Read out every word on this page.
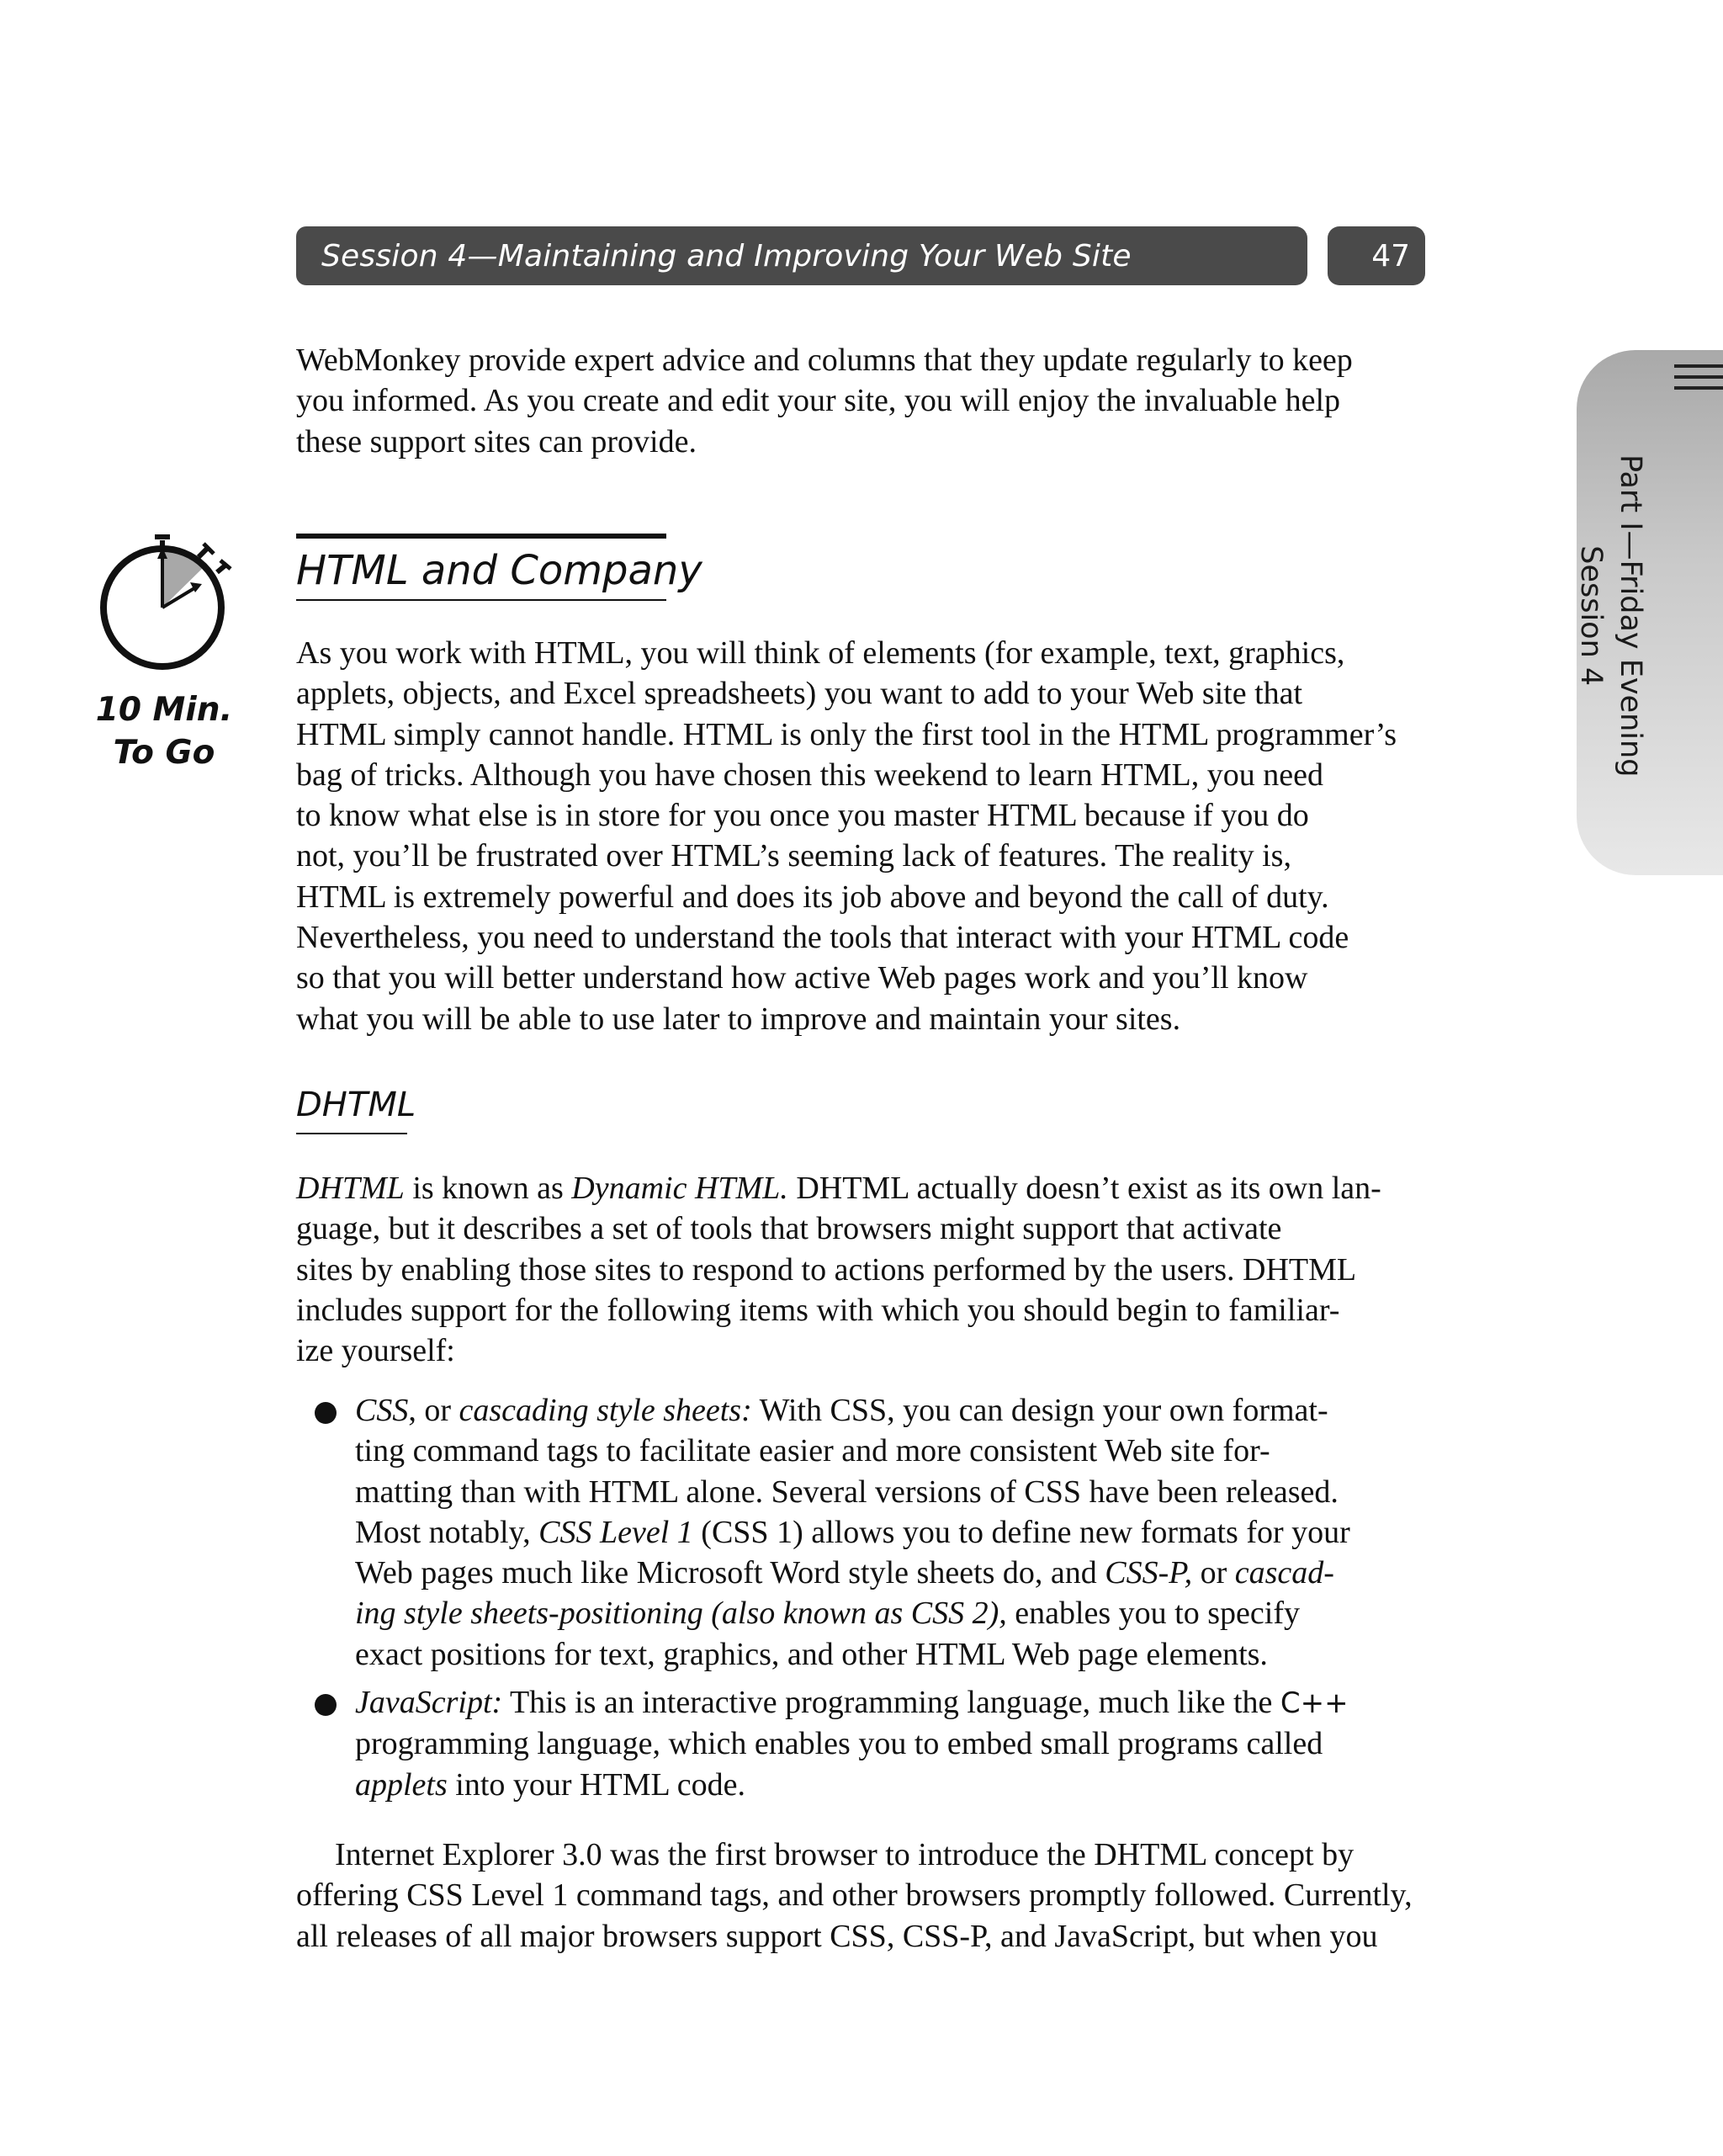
Session 4—Maintaining and Improving Your Web Site	47
Part I—Friday Evening
Session 4
10 Min.
To Go
WebMonkey provide expert advice and columns that they update regularly to keep
you informed. As you create and edit your site, you will enjoy the invaluable help
these support sites can provide.
HTML and Company
As you work with HTML, you will think of elements (for example, text, graphics,
applets, objects, and Excel spreadsheets) you want to add to your Web site that
HTML simply cannot handle. HTML is only the first tool in the HTML programmer’s
bag of tricks. Although you have chosen this weekend to learn HTML, you need
to know what else is in store for you once you master HTML because if you do
not, you’ll be frustrated over HTML’s seeming lack of features. The reality is,
HTML is extremely powerful and does its job above and beyond the call of duty.
Nevertheless, you need to understand the tools that interact with your HTML code
so that you will better understand how active Web pages work and you’ll know
what you will be able to use later to improve and maintain your sites.
DHTML
DHTML is known as Dynamic HTML. DHTML actually doesn’t exist as its own lan-
guage, but it describes a set of tools that browsers might support that activate
sites by enabling those sites to respond to actions performed by the users. DHTML
includes support for the following items with which you should begin to familiar-
ize yourself:
CSS, or cascading style sheets: With CSS, you can design your own format-
ting command tags to facilitate easier and more consistent Web site for-
matting than with HTML alone. Several versions of CSS have been released.
Most notably, CSS Level 1 (CSS 1) allows you to define new formats for your
Web pages much like Microsoft Word style sheets do, and CSS-P, or cascad-
ing style sheets-positioning (also known as CSS 2), enables you to specify
exact positions for text, graphics, and other HTML Web page elements.
JavaScript: This is an interactive programming language, much like the C++
programming language, which enables you to embed small programs called
applets into your HTML code.
Internet Explorer 3.0 was the first browser to introduce the DHTML concept by
offering CSS Level 1 command tags, and other browsers promptly followed. Currently,
all releases of all major browsers support CSS, CSS-P, and JavaScript, but when you
